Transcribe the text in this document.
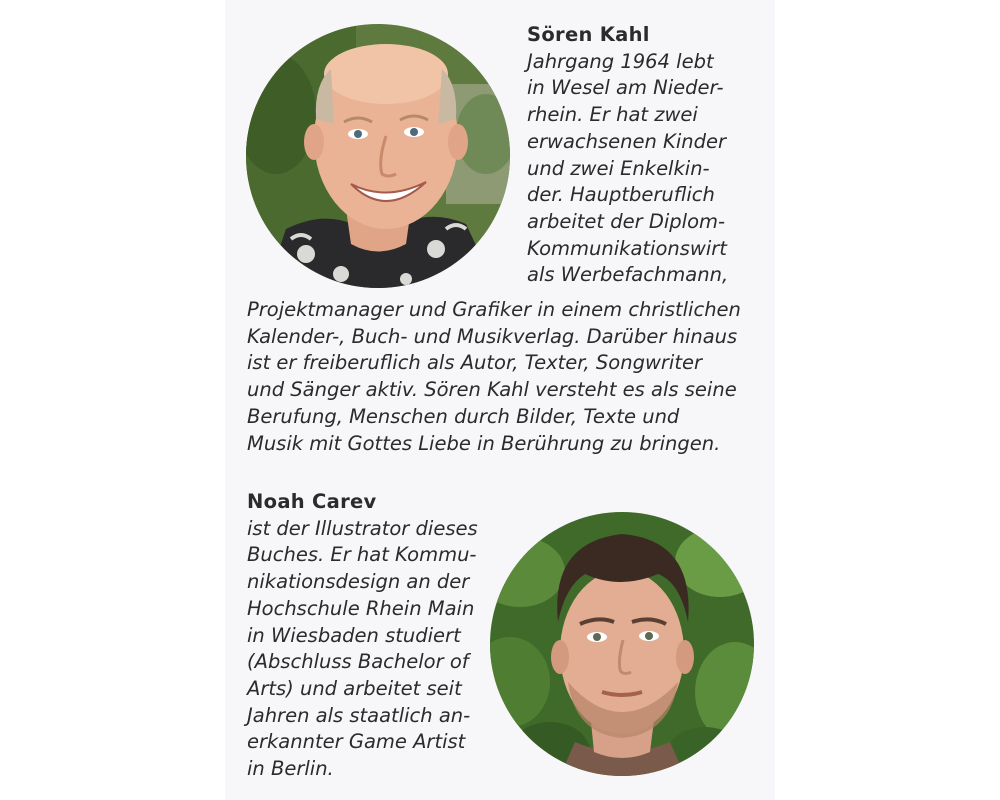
Sören Kahl
Jahrgang 1964 lebt
in Wesel am Nieder-
rhein. Er hat zwei
erwachsenen Kinder
und zwei Enkelkin-
der. Hauptberuflich
arbeitet der Diplom-
Kommunikationswirt
als Werbefachmann,
Projektmanager und Grafiker in einem christlichen
Kalender-, Buch- und Musikverlag. Darüber hinaus
ist er freiberuflich als Autor, Texter, Songwriter
und Sänger aktiv. Sören Kahl versteht es als seine
Berufung, Menschen durch Bilder, Texte und
Musik mit Gottes Liebe in Berührung zu bringen.
Noah Carev
ist der Illustrator dieses
Buches. Er hat Kommu-
nikationsdesign an der
Hochschule Rhein Main
in Wiesbaden studiert
(Abschluss Bachelor of
Arts) und arbeitet seit
Jahren als staatlich an-
erkannter Game Artist
in Berlin.
